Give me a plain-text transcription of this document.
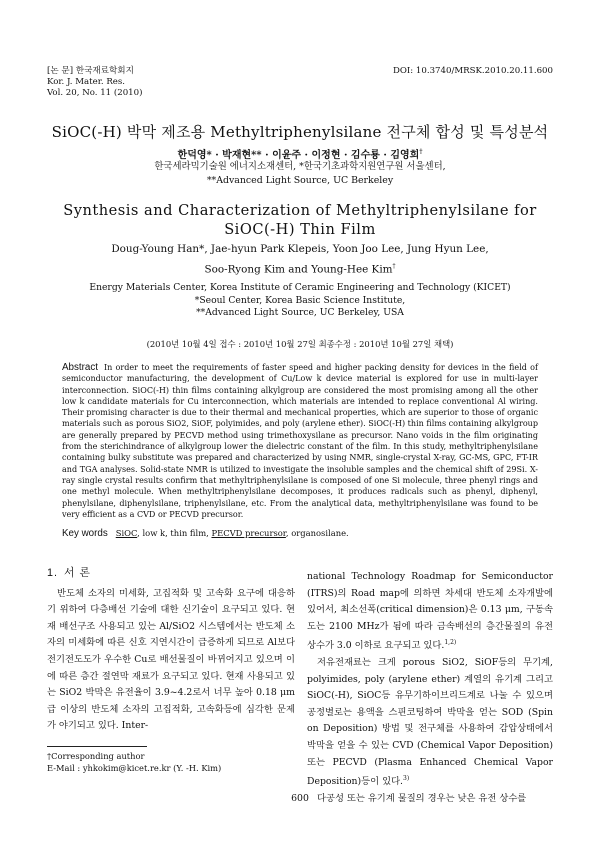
[논 문] 한국재료학회지
Kor. J. Mater. Res.
Vol. 20, No. 11 (2010)
DOI: 10.3740/MRSK.2010.20.11.600
SiOC(-H) 박막 제조용 Methyltriphenylsilane 전구체 합성 및 특성분석
한덕영* · 박재현** · 이윤주 · 이정현 · 김수룡 · 김영희†
한국세라믹기술원 에너지소재센터, *한국기초과학지원연구원 서울센터,
**Advanced Light Source, UC Berkeley
Synthesis and Characterization of Methyltriphenylsilane for
SiOC(-H) Thin Film
Doug-Young Han*, Jae-hyun Park Klepeis, Yoon Joo Lee, Jung Hyun Lee,
Soo-Ryong Kim and Young-Hee Kim†
Energy Materials Center, Korea Institute of Ceramic Engineering and Technology (KICET)
*Seoul Center, Korea Basic Science Institute,
**Advanced Light Source, UC Berkeley, USA
(2010년 10월 4일 접수 : 2010년 10월 27일 최종수정 : 2010년 10월 27일 채택)
Abstract In order to meet the requirements of faster speed and higher packing density for devices in the field of semiconductor manufacturing, the development of Cu/Low k device material is explored for use in multi-layer interconnection. SiOC(-H) thin films containing alkylgroup are considered the most promising among all the other low k candidate materials for Cu interconnection, which materials are intended to replace conventional Al wiring. Their promising character is due to their thermal and mechanical properties, which are superior to those of organic materials such as porous SiO2, SiOF, polyimides, and poly (arylene ether). SiOC(-H) thin films containing alkylgroup are generally prepared by PECVD method using trimethoxysilane as precursor. Nano voids in the film originating from the sterichindrance of alkylgroup lower the dielectric constant of the film. In this study, methyltriphenylsilane containing bulky substitute was prepared and characterized by using NMR, single-crystal X-ray, GC-MS, GPC, FT-IR and TGA analyses. Solid-state NMR is utilized to investigate the insoluble samples and the chemical shift of 29Si. X-ray single crystal results confirm that methyltriphenylsilane is composed of one Si molecule, three phenyl rings and one methyl molecule. When methyltriphenylsilane decomposes, it produces radicals such as phenyl, diphenyl, phenylsilane, diphenylsilane, triphenylsilane, etc. From the analytical data, methyltriphenylsilane was found to be very efficient as a CVD or PECVD precursor.
Key words SiOC, low k, thin film, PECVD precursor, organosilane.
1. 서 론

반도체 소자의 미세화, 고집적화 및 고속화 요구에 대응하기 위하여 다층배선 기술에 대한 신기술이 요구되고 있다. 현재 배선구조 사용되고 있는 Al/SiO2 시스템에서는 반도체 소자의 미세화에 따른 신호 지연시간이 급증하게 되므로 Al보다 전기전도도가 우수한 Cu로 배선물질이 바뀌어지고 있으며 이에 따른 층간 절연막 재료가 요구되고 있다. 현재 사용되고 있는 SiO2 박막은 유전율이 3.9~4.2로서 너무 높아 0.18 μm급 이상의 반도체 소자의 고집적화, 고속화등에 심각한 문제가 야기되고 있다. Inter-

national Technology Roadmap for Semiconductor (ITRS)의 Road map에 의하면 차세대 반도체 소자개발에 있어서, 최소선폭(critical dimension)은 0.13 μm, 구동속도는 2100 MHz가 됨에 따라 금속배선의 층간물질의 유전상수가 3.0 이하로 요구되고 있다.$^{1,2)}$

저유전재료는 크게 porous SiO2, SiOF등의 무기계, polyimides, poly (arylene ether) 계열의 유기계 그리고 SiOC(-H), SiOC등 유무기하이브리드계로 나눌 수 있으며 공정별로는 용액을 스핀코팅하여 박막을 얻는 SOD (Spin on Deposition) 방법 및 전구체를 사용하여 감압상태에서 박막을 얻을 수 있는 CVD (Chemical Vapor Deposition) 또는 PECVD (Plasma Enhanced Chemical Vapor Deposition)등이 있다.$^{3)}$

다공성 또는 유기계 물질의 경우는 낮은 유전 상수를

†Corresponding author
E-Mail : yhkokim@kicet.re.kr (Y. -H. Kim)
600
